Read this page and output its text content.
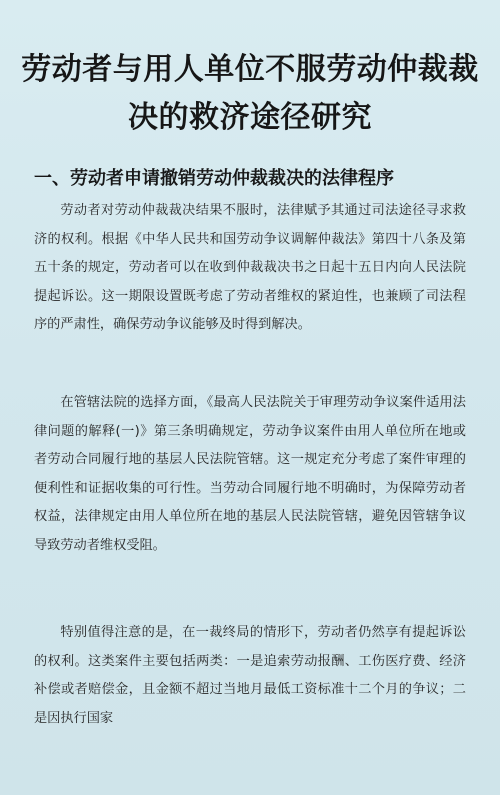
劳动者与用人单位不服劳动仲裁裁决的救济途径研究
一、劳动者申请撤销劳动仲裁裁决的法律程序

劳动者对劳动仲裁裁决结果不服时，法律赋予其通过司法途径寻求救济的权利。根据《中华人民共和国劳动争议调解仲裁法》第四十八条及第五十条的规定，劳动者可以在收到仲裁裁决书之日起十五日内向人民法院提起诉讼。这一期限设置既考虑了劳动者维权的紧迫性，也兼顾了司法程序的严肃性，确保劳动争议能够及时得到解决。

在管辖法院的选择方面，《最高人民法院关于审理劳动争议案件适用法律问题的解释(一)》第三条明确规定，劳动争议案件由用人单位所在地或者劳动合同履行地的基层人民法院管辖。这一规定充分考虑了案件审理的便利性和证据收集的可行性。当劳动合同履行地不明确时，为保障劳动者权益，法律规定由用人单位所在地的基层人民法院管辖，避免因管辖争议导致劳动者维权受阻。

特别值得注意的是，在一裁终局的情形下，劳动者仍然享有提起诉讼的权利。这类案件主要包括两类：一是追索劳动报酬、工伤医疗费、经济补偿或者赔偿金，且金额不超过当地月最低工资标准十二个月的争议；二是因执行国家
